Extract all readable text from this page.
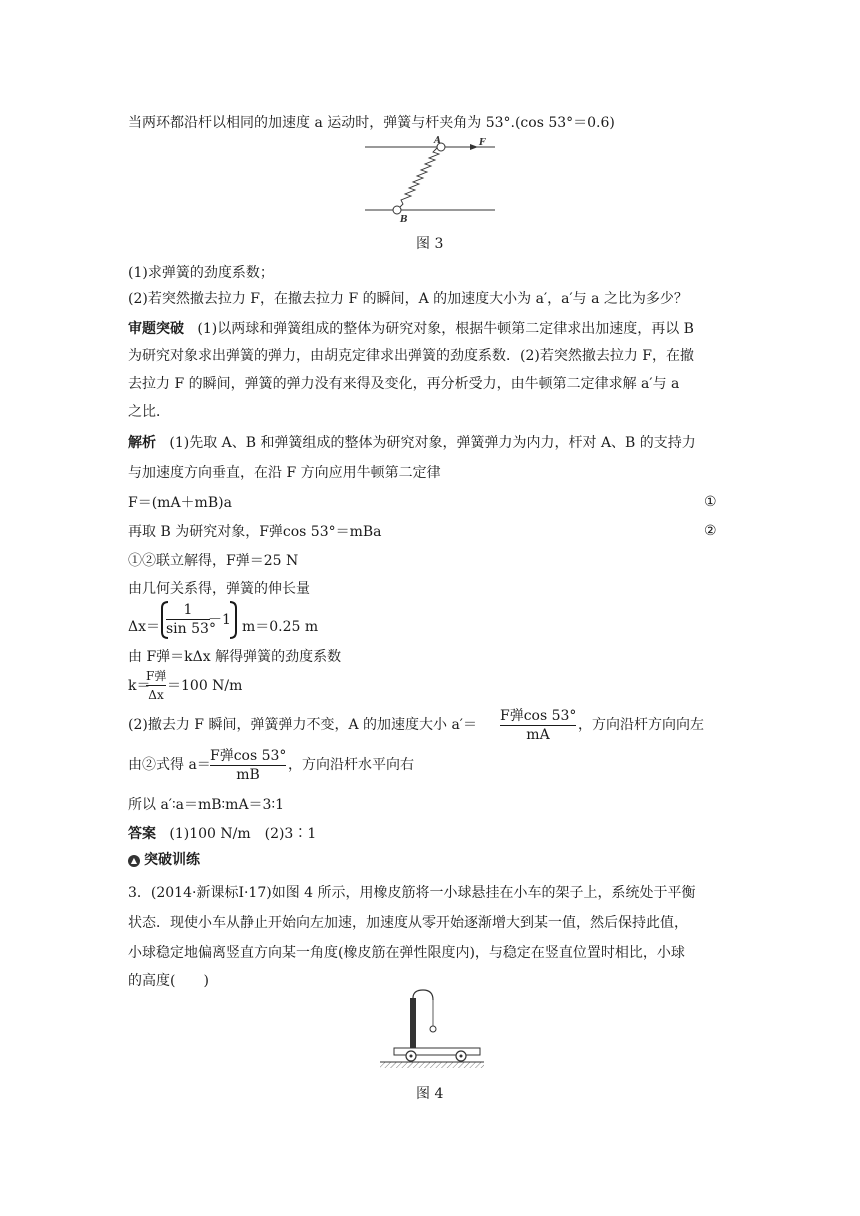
当两环都沿杆以相同的加速度 a 运动时，弹簧与杆夹角为 53°.(cos 53°＝0.6)
A	F
B
图 3
(1)求弹簧的劲度系数；
(2)若突然撤去拉力 F，在撤去拉力 F 的瞬间，A 的加速度大小为 a′，a′与 a 之比为多少？
审题突破 (1)以两球和弹簧组成的整体为研究对象，根据牛顿第二定律求出加速度，再以 B
为研究对象求出弹簧的弹力，由胡克定律求出弹簧的劲度系数．(2)若突然撤去拉力 F，在撤
去拉力 F 的瞬间，弹簧的弹力没有来得及变化，再分析受力，由牛顿第二定律求解 a′与 a
之比．
解析 (1)先取 A、B 和弹簧组成的整体为研究对象，弹簧弹力为内力，杆对 A、B 的支持力
与加速度方向垂直，在沿 F 方向应用牛顿第二定律
F＝(mA＋mB)a	①
再取 B 为研究对象，F弹cos 53°＝mBa	②
①②联立解得，F弹＝25 N
由几何关系得，弹簧的伸长量
Δx＝
1
sin 53°
－1 m＝0.25 m
由 F弹＝kΔx 解得弹簧的劲度系数
k＝
F弹
Δx
＝100 N/m
(2)撤去力 F 瞬间，弹簧弹力不变，A 的加速度大小 a′＝
F弹cos 53°
mA
，方向沿杆方向向左
由②式得 a＝
F弹cos 53°
mB
，方向沿杆水平向右
所以 a′∶a＝mB∶mA＝3∶1
答案 (1)100 N/m　(2)3∶1
▲ 突破训练
3．(2014·新课标Ⅰ·17)如图 4 所示，用橡皮筋将一小球悬挂在小车的架子上，系统处于平衡
状态．现使小车从静止开始向左加速，加速度从零开始逐渐增大到某一值，然后保持此值，
小球稳定地偏离竖直方向某一角度(橡皮筋在弹性限度内)，与稳定在竖直位置时相比，小球
的高度(　　)
图 4
